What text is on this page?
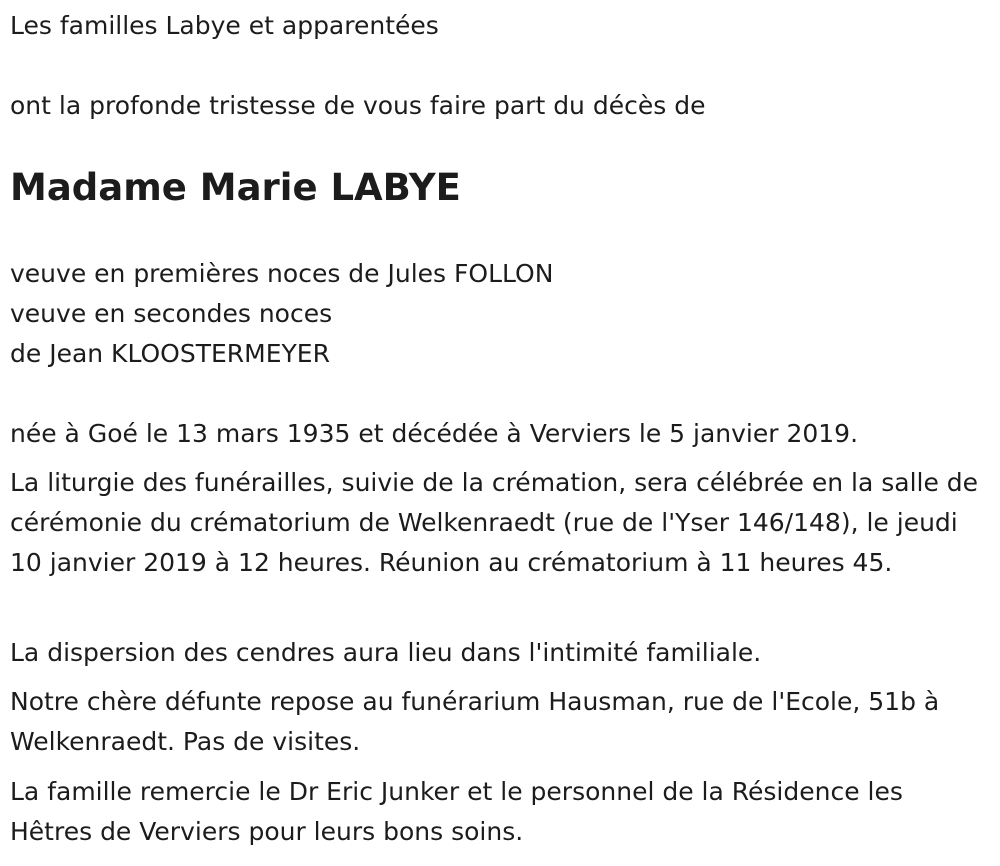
Les familles Labye et apparentées

ont la profonde tristesse de vous faire part du décès de

Madame Marie LABYE

veuve en premières noces de Jules FOLLON

veuve en secondes noces

de Jean KLOOSTERMEYER

née à Goé le 13 mars 1935 et décédée à Verviers le 5 janvier 2019.

La liturgie des funérailles, suivie de la crémation, sera célébrée en la salle de cérémonie du crématorium de Welkenraedt (rue de l'Yser 146/148), le jeudi 10 janvier 2019 à 12 heures. Réunion au crématorium à 11 heures 45.

La dispersion des cendres aura lieu dans l'intimité familiale.

Notre chère défunte repose au funérarium Hausman, rue de l'Ecole, 51b à Welkenraedt. Pas de visites.

La famille remercie le Dr Eric Junker et le personnel de la Résidence les Hêtres de Verviers pour leurs bons soins.
